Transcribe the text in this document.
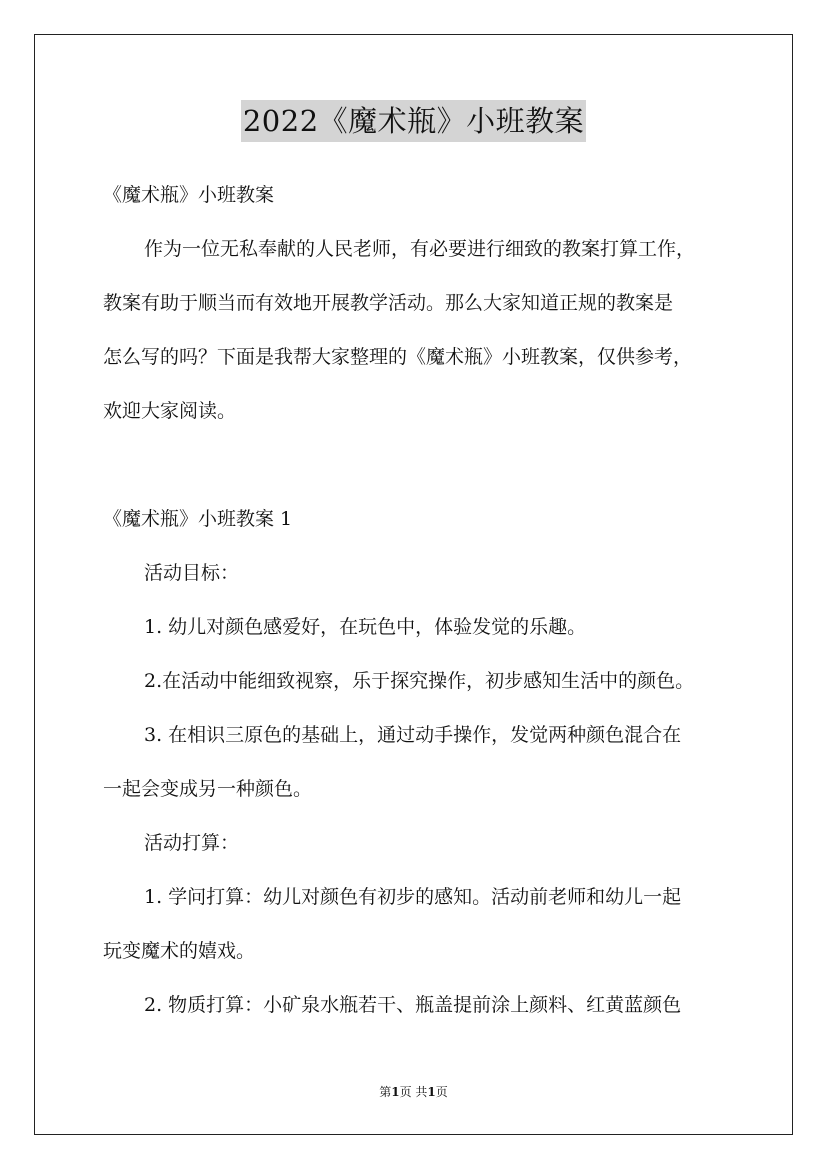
2022《魔术瓶》小班教案
《魔术瓶》小班教案
作为一位无私奉献的人民老师，有必要进行细致的教案打算工作，
教案有助于顺当而有效地开展教学活动。那么大家知道正规的教案是
怎么写的吗？下面是我帮大家整理的《魔术瓶》小班教案，仅供参考，
欢迎大家阅读。
《魔术瓶》小班教案 1
活动目标：
1. 幼儿对颜色感爱好，在玩色中，体验发觉的乐趣。
2.在活动中能细致视察，乐于探究操作，初步感知生活中的颜色。
3. 在相识三原色的基础上，通过动手操作，发觉两种颜色混合在
一起会变成另一种颜色。
活动打算：
1. 学问打算：幼儿对颜色有初步的感知。活动前老师和幼儿一起
玩变魔术的嬉戏。
2. 物质打算：小矿泉水瓶若干、瓶盖提前涂上颜料、红黄蓝颜色
第1页 共1页
